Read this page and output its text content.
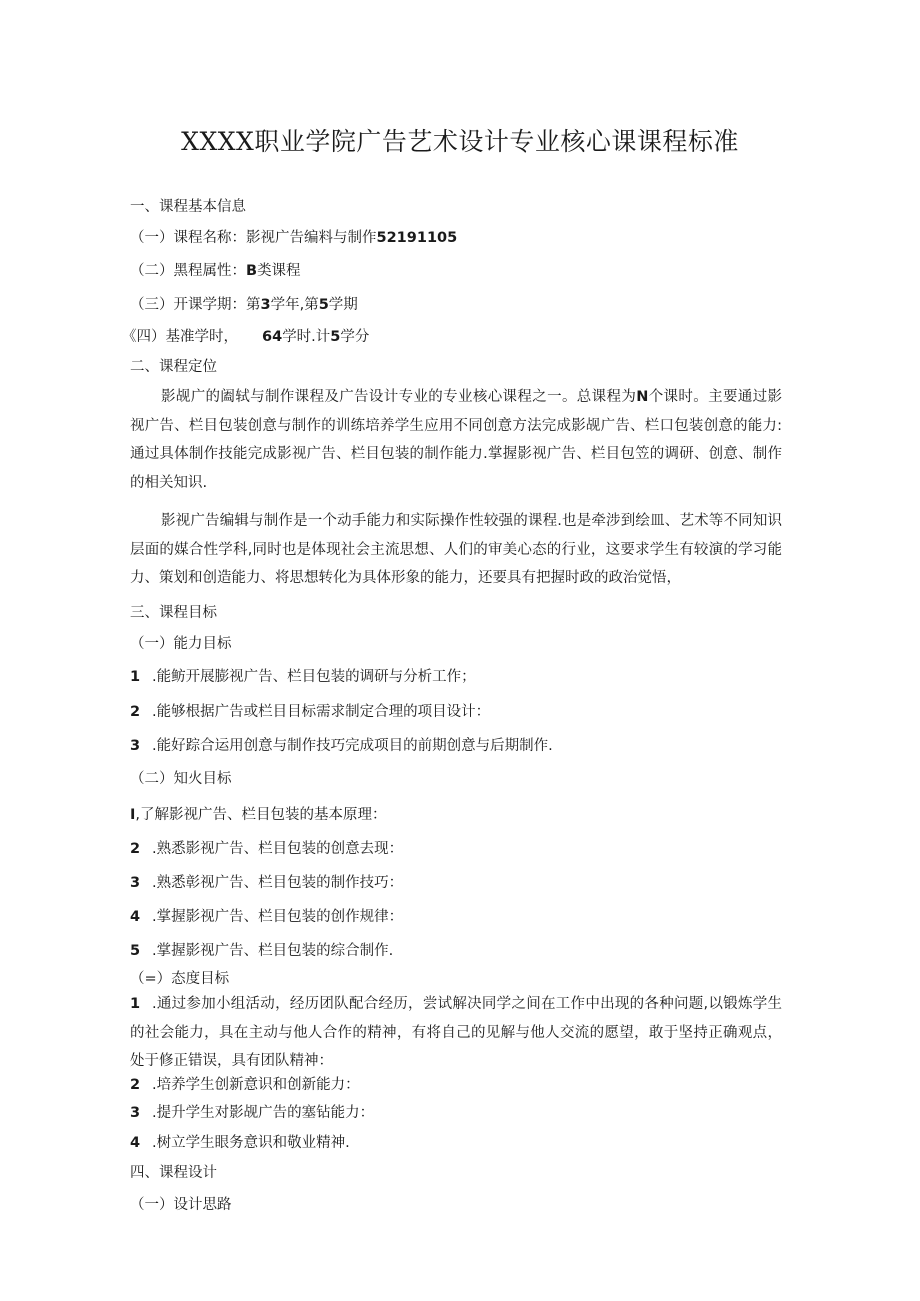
XXXX职业学院广告艺术设计专业核心课课程标准
一、课程基本信息
（一）课程名称：影视广告编料与制作52191105
（二）黑程属性：B类课程
（三）开课学期：第3学年,第5学期
《四）基准学时， 64学时.计5学分
二、课程定位
影觇广的阖轼与制作课程及广告设计专业的专业核心课程之一。总课程为N个课时。主要通过影视广告、栏目包装创意与制作的训练培养学生应用不同创意方法完成影觇广告、栏口包装创意的能力:通过具体制作技能完成影视广告、栏目包装的制作能力.掌握影视广告、栏目包笠的调研、创意、制作的相关知识.
影视广告编辑与制作是一个动手能力和实际操作性较强的课程.也是牵涉到绘皿、艺术等不同知识层面的媒合性学科,同时也是体现社会主流思想、人们的审美心态的行业，这要求学生有较演的学习能力、策划和创造能力、将思想转化为具体形象的能力，还要具有把握时政的政治觉悟，
三、课程目标
（一）能力目标
1 .能鲂开展膨视广告、栏目包装的调研与分析工作；
2 .能够根据广告或栏目目标需求制定合理的项目设计：
3 .能好踪合运用创意与制作技巧完成项目的前期创意与后期制作.
（二）知火目标
I,了解影视广告、栏目包装的基本原理：
2 .熟悉影视广告、栏目包装的创意去现：
3 .熟悉彰视广告、栏目包装的制作技巧：
4 .掌握影视广告、栏目包装的创作规律：
5 .掌握影视广告、栏目包装的综合制作.
（=）态度目标
1 .通过参加小组活动，经历团队配合经历，尝试解决同学之间在工作中出现的各种问题,以锻炼学生的社会能力，具在主动与他人合作的精神，有将自己的见解与他人交流的愿望，敢于坚持正确观点，处于修正错误，具有团队精神：
2 .培养学生创新意识和创新能力：
3 .提升学生对影觇广告的塞钻能力：
4 .树立学生眼务意识和敬业精神.
四、课程设计
（一）设计思路
